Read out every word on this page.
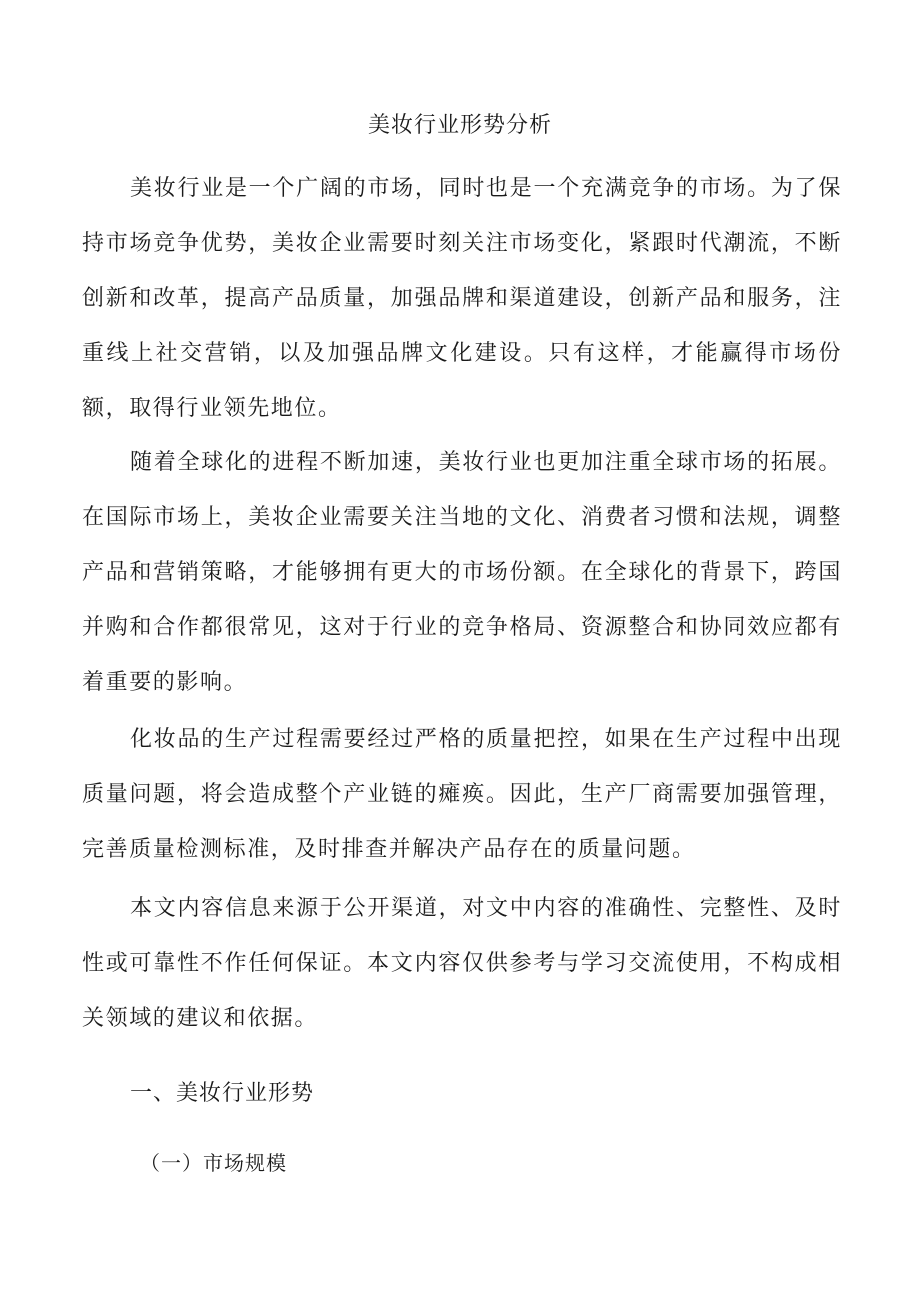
美妆行业形势分析

美妆行业是一个广阔的市场，同时也是一个充满竞争的市场。为了保持市场竞争优势，美妆企业需要时刻关注市场变化，紧跟时代潮流，不断创新和改革，提高产品质量，加强品牌和渠道建设，创新产品和服务，注重线上社交营销，以及加强品牌文化建设。只有这样，才能赢得市场份额，取得行业领先地位。

随着全球化的进程不断加速，美妆行业也更加注重全球市场的拓展。在国际市场上，美妆企业需要关注当地的文化、消费者习惯和法规，调整产品和营销策略，才能够拥有更大的市场份额。在全球化的背景下，跨国并购和合作都很常见，这对于行业的竞争格局、资源整合和协同效应都有着重要的影响。

化妆品的生产过程需要经过严格的质量把控，如果在生产过程中出现质量问题，将会造成整个产业链的瘫痪。因此，生产厂商需要加强管理，完善质量检测标准，及时排查并解决产品存在的质量问题。

本文内容信息来源于公开渠道，对文中内容的准确性、完整性、及时性或可靠性不作任何保证。本文内容仅供参考与学习交流使用，不构成相关领域的建议和依据。

一、美妆行业形势
（一）市场规模
